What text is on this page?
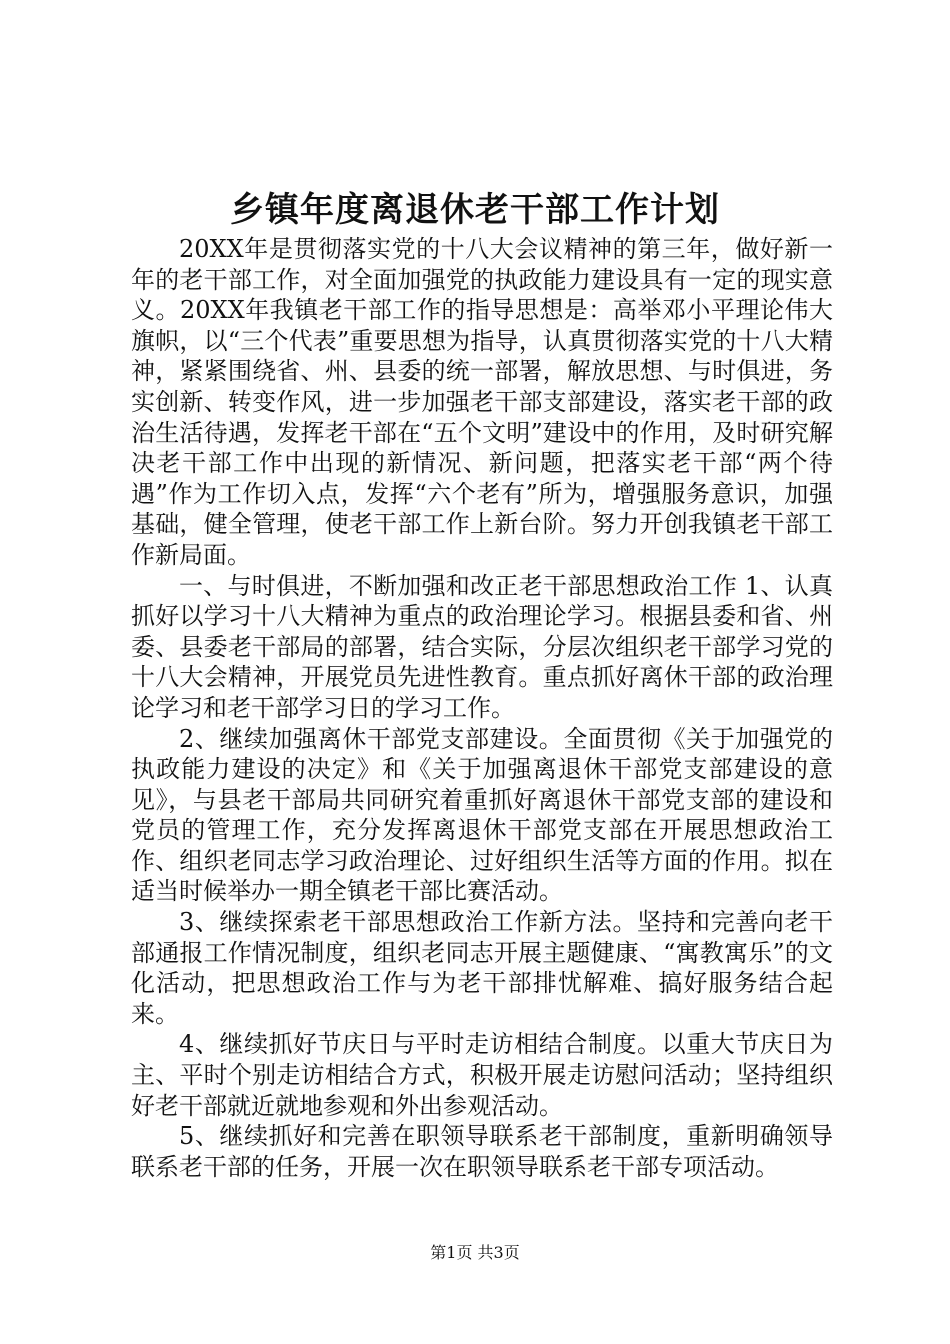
乡镇年度离退休老干部工作计划

20XX年是贯彻落实党的十八大会议精神的第三年，做好新一年的老干部工作，对全面加强党的执政能力建设具有一定的现实意义。20XX年我镇老干部工作的指导思想是：高举邓小平理论伟大旗帜，以“三个代表”重要思想为指导，认真贯彻落实党的十八大精神，紧紧围绕省、州、县委的统一部署，解放思想、与时俱进，务实创新、转变作风，进一步加强老干部支部建设，落实老干部的政治生活待遇，发挥老干部在“五个文明”建设中的作用，及时研究解决老干部工作中出现的新情况、新问题，把落实老干部“两个待遇”作为工作切入点，发挥“六个老有”所为，增强服务意识，加强基础，健全管理，使老干部工作上新台阶。努力开创我镇老干部工作新局面。

一、与时俱进，不断加强和改正老干部思想政治工作 1、认真抓好以学习十八大精神为重点的政治理论学习。根据县委和省、州委、县委老干部局的部署，结合实际，分层次组织老干部学习党的十八大会精神，开展党员先进性教育。重点抓好离休干部的政治理论学习和老干部学习日的学习工作。

2、继续加强离休干部党支部建设。全面贯彻《关于加强党的执政能力建设的决定》和《关于加强离退休干部党支部建设的意见》，与县老干部局共同研究着重抓好离退休干部党支部的建设和党员的管理工作，充分发挥离退休干部党支部在开展思想政治工作、组织老同志学习政治理论、过好组织生活等方面的作用。拟在适当时候举办一期全镇老干部比赛活动。

3、继续探索老干部思想政治工作新方法。坚持和完善向老干部通报工作情况制度，组织老同志开展主题健康、“寓教寓乐”的文化活动，把思想政治工作与为老干部排忧解难、搞好服务结合起来。

4、继续抓好节庆日与平时走访相结合制度。以重大节庆日为主、平时个别走访相结合方式，积极开展走访慰问活动；坚持组织好老干部就近就地参观和外出参观活动。

5、继续抓好和完善在职领导联系老干部制度，重新明确领导联系老干部的任务，开展一次在职领导联系老干部专项活动。

第1页 共3页
